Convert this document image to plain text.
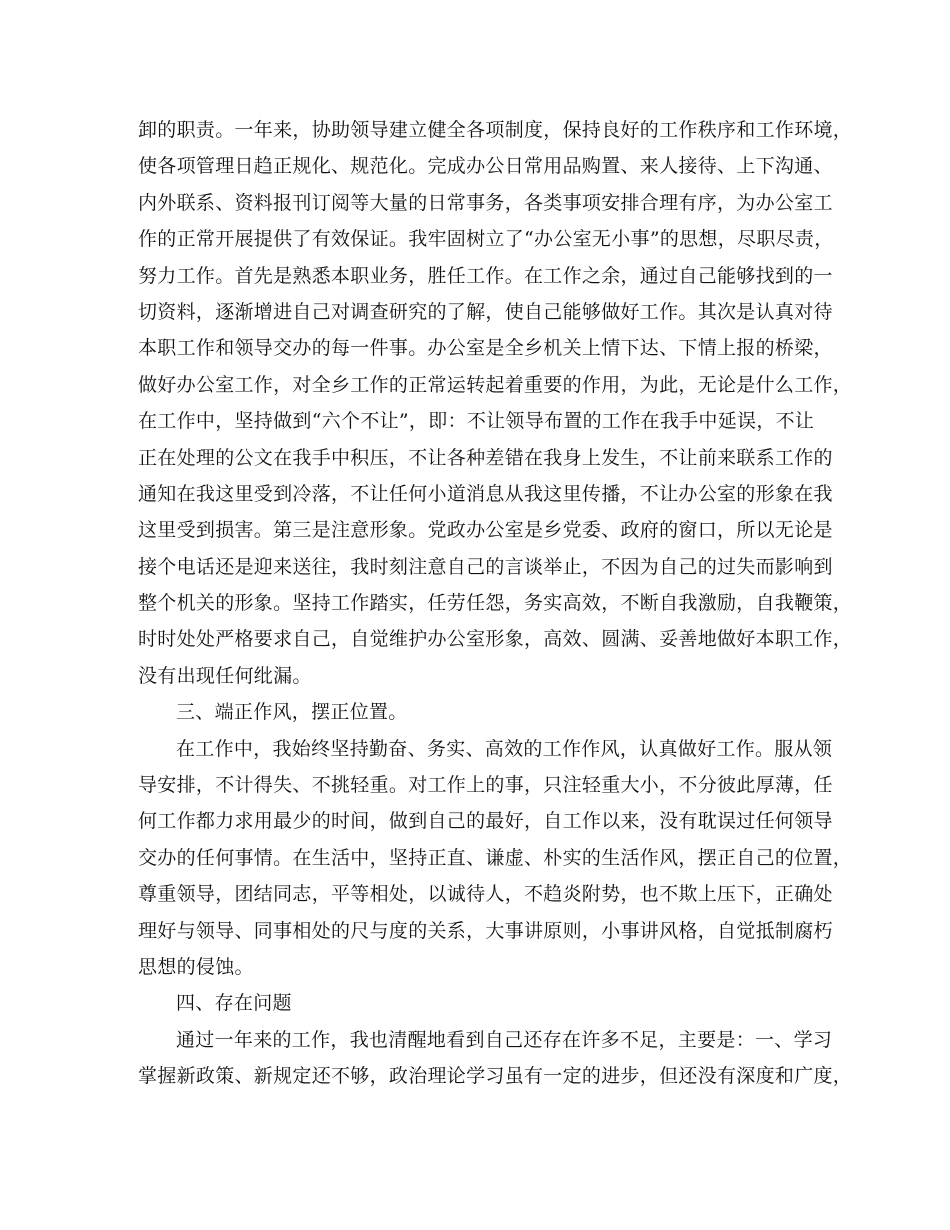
卸的职责。一年来，协助领导建立健全各项制度，保持良好的工作秩序和工作环境，
使各项管理日趋正规化、规范化。完成办公日常用品购置、来人接待、上下沟通、
内外联系、资料报刊订阅等大量的日常事务，各类事项安排合理有序，为办公室工
作的正常开展提供了有效保证。我牢固树立了“办公室无小事”的思想，尽职尽责，
努力工作。首先是熟悉本职业务，胜任工作。在工作之余，通过自己能够找到的一
切资料，逐渐增进自己对调查研究的了解，使自己能够做好工作。其次是认真对待
本职工作和领导交办的每一件事。办公室是全乡机关上情下达、下情上报的桥梁，
做好办公室工作，对全乡工作的正常运转起着重要的作用，为此，无论是什么工作，
在工作中，坚持做到“六个不让”，即：不让领导布置的工作在我手中延误，不让
正在处理的公文在我手中积压，不让各种差错在我身上发生，不让前来联系工作的
通知在我这里受到冷落，不让任何小道消息从我这里传播，不让办公室的形象在我
这里受到损害。第三是注意形象。党政办公室是乡党委、政府的窗口，所以无论是
接个电话还是迎来送往，我时刻注意自己的言谈举止，不因为自己的过失而影响到
整个机关的形象。坚持工作踏实，任劳任怨，务实高效，不断自我激励，自我鞭策，
时时处处严格要求自己，自觉维护办公室形象，高效、圆满、妥善地做好本职工作，
没有出现任何纰漏。
三、端正作风，摆正位置。
在工作中，我始终坚持勤奋、务实、高效的工作作风，认真做好工作。服从领
导安排，不计得失、不挑轻重。对工作上的事，只注轻重大小，不分彼此厚薄，任
何工作都力求用最少的时间，做到自己的最好，自工作以来，没有耽误过任何领导
交办的任何事情。在生活中，坚持正直、谦虚、朴实的生活作风，摆正自己的位置，
尊重领导，团结同志，平等相处，以诚待人，不趋炎附势，也不欺上压下，正确处
理好与领导、同事相处的尺与度的关系，大事讲原则，小事讲风格，自觉抵制腐朽
思想的侵蚀。
四、存在问题
通过一年来的工作，我也清醒地看到自己还存在许多不足，主要是：一、学习
掌握新政策、新规定还不够，政治理论学习虽有一定的进步，但还没有深度和广度，
